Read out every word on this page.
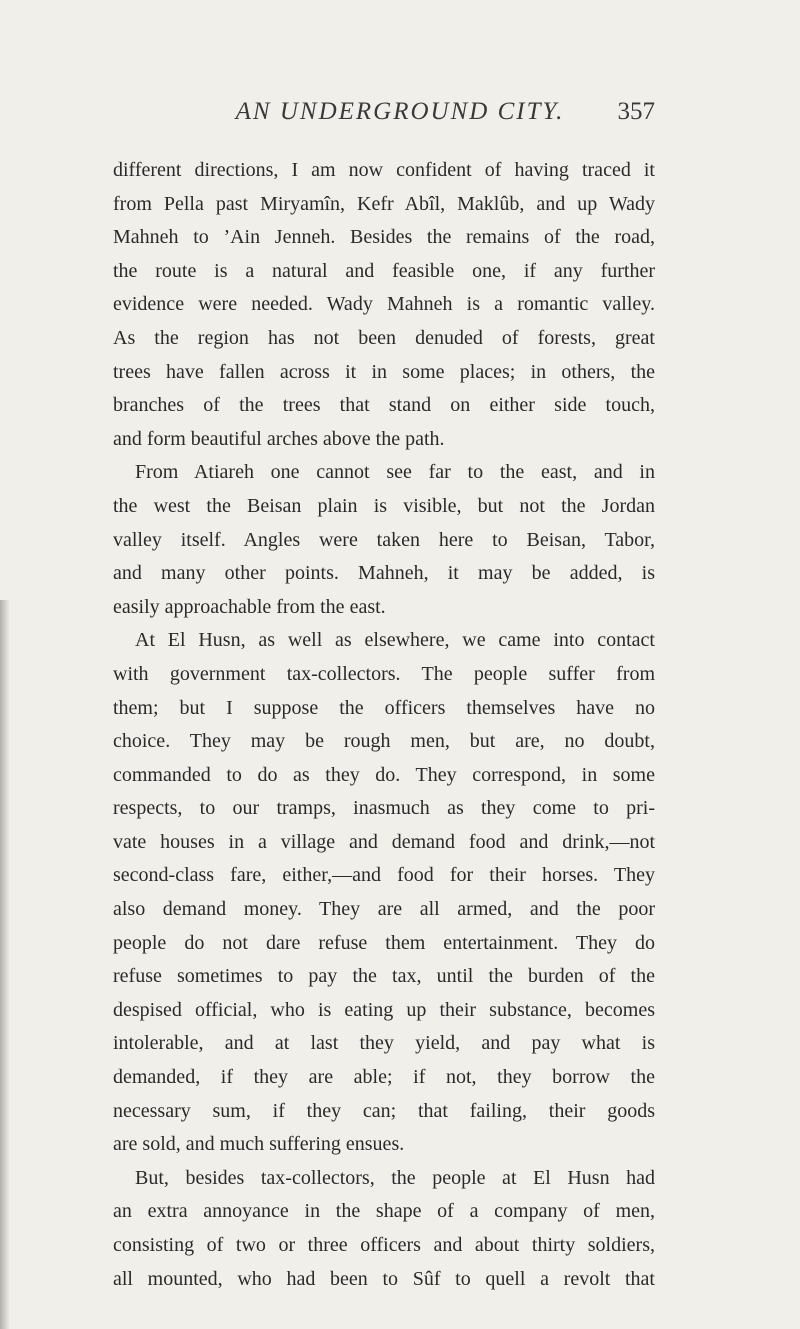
AN UNDERGROUND CITY.	357
different directions, I am now confident of having traced it
from Pella past Miryamîn, Kefr Abîl, Maklûb, and up Wady
Mahneh to ’Ain Jenneh. Besides the remains of the road,
the route is a natural and feasible one, if any further
evidence were needed. Wady Mahneh is a romantic valley.
As the region has not been denuded of forests, great
trees have fallen across it in some places; in others, the
branches of the trees that stand on either side touch,
and form beautiful arches above the path.
From Atiareh one cannot see far to the east, and in
the west the Beisan plain is visible, but not the Jordan
valley itself. Angles were taken here to Beisan, Tabor,
and many other points. Mahneh, it may be added, is
easily approachable from the east.
At El Husn, as well as elsewhere, we came into contact
with government tax-collectors. The people suffer from
them; but I suppose the officers themselves have no
choice. They may be rough men, but are, no doubt,
commanded to do as they do. They correspond, in some
respects, to our tramps, inasmuch as they come to pri-
vate houses in a village and demand food and drink,—not
second-class fare, either,—and food for their horses. They
also demand money. They are all armed, and the poor
people do not dare refuse them entertainment. They do
refuse sometimes to pay the tax, until the burden of the
despised official, who is eating up their substance, becomes
intolerable, and at last they yield, and pay what is
demanded, if they are able; if not, they borrow the
necessary sum, if they can; that failing, their goods
are sold, and much suffering ensues.
But, besides tax-collectors, the people at El Husn had
an extra annoyance in the shape of a company of men,
consisting of two or three officers and about thirty soldiers,
all mounted, who had been to Sûf to quell a revolt that
